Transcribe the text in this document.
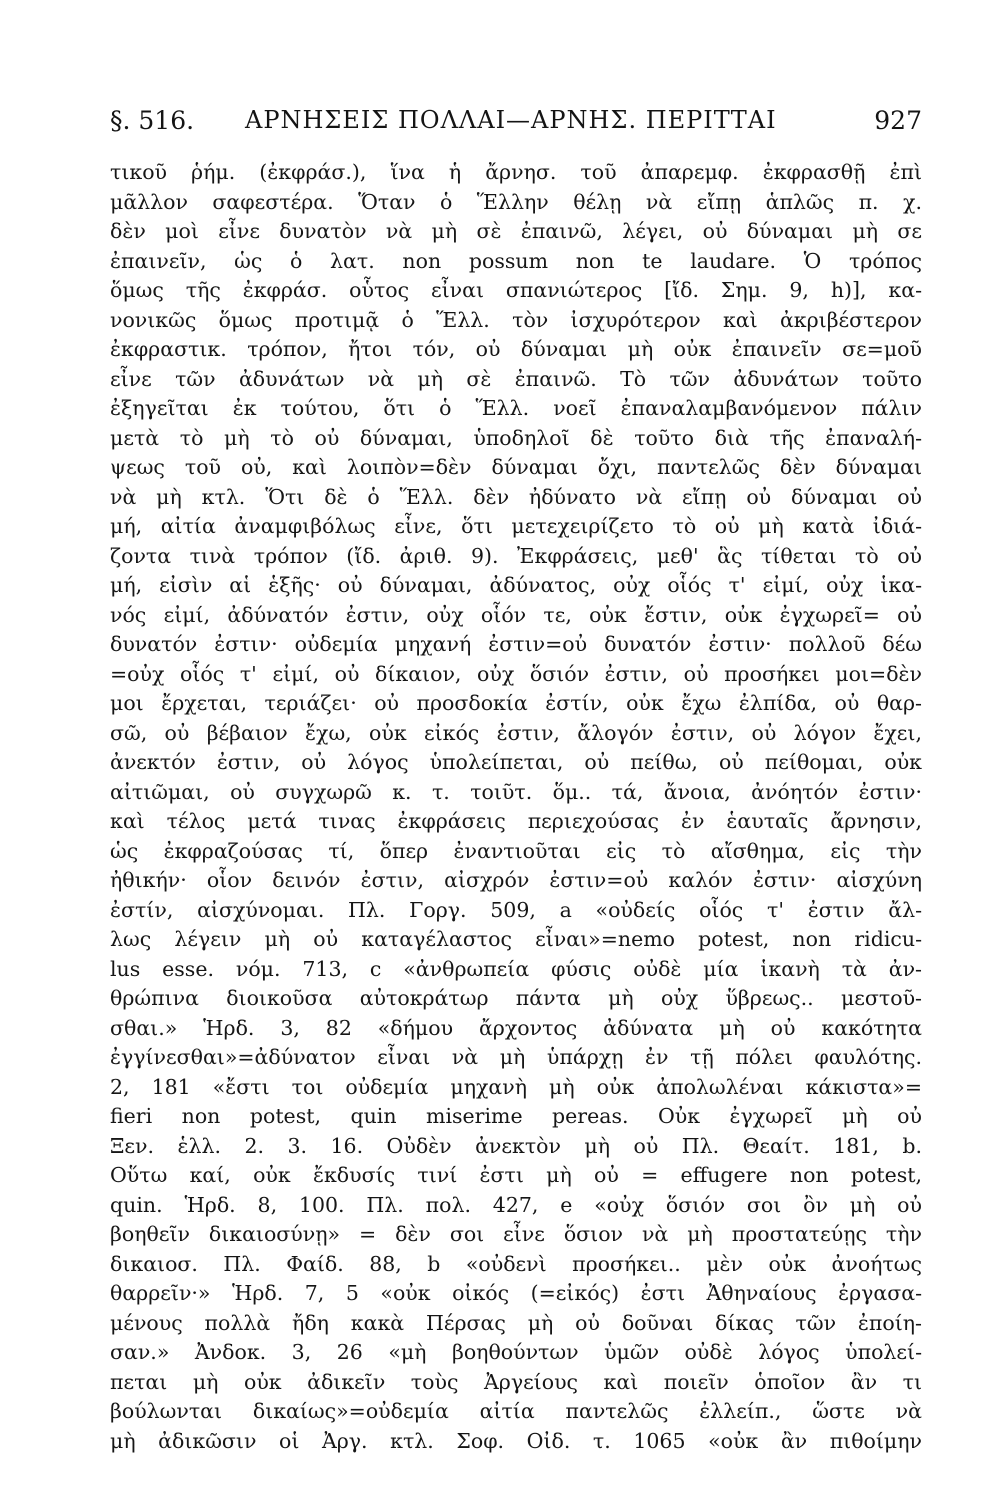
§. 516. ΑΡΝΗΣΕΙΣ ΠΟΛΛΑΙ—ΑΡΝΗΣ. ΠΕΡΙΤΤΑΙ	927
τικοῦ ῥήμ. (ἐκφράσ.), ἵνα ἡ ἄρνησ. τοῦ ἀπαρεμφ. ἐκφρασθῇ ἐπὶ
μᾶλλον σαφεστέρα. Ὅταν ὁ Ἕλλην θέλῃ νὰ εἴπῃ ἁπλῶς π. χ.
δὲν μοὶ εἶνε δυνατὸν νὰ μὴ σὲ ἐπαινῶ, λέγει, οὐ δύναμαι μὴ σε
ἐπαινεῖν, ὡς ὁ λατ. non possum non te laudare. Ὁ τρόπος
ὅμως τῆς ἐκφράσ. οὗτος εἶναι σπανιώτερος [ἴδ. Σημ. 9, h)], κα-
νονικῶς ὅμως προτιμᾷ ὁ Ἕλλ. τὸν ἰσχυρότερον καὶ ἀκριβέστερον
ἐκφραστικ. τρόπον, ἤτοι τόν, οὐ δύναμαι μὴ οὐκ ἐπαινεῖν σε=μοῦ
εἶνε τῶν ἀδυνάτων νὰ μὴ σὲ ἐπαινῶ. Τὸ τῶν ἀδυνάτων τοῦτο
ἐξηγεῖται ἐκ τούτου, ὅτι ὁ Ἕλλ. νοεῖ ἐπαναλαμβανόμενον πάλιν
μετὰ τὸ μὴ τὸ οὐ δύναμαι, ὑποδηλοῖ δὲ τοῦτο διὰ τῆς ἐπαναλή-
ψεως τοῦ οὐ, καὶ λοιπὸν=δὲν δύναμαι ὄχι, παντελῶς δὲν δύναμαι
νὰ μὴ κτλ. Ὅτι δὲ ὁ Ἕλλ. δὲν ἠδύνατο νὰ εἴπῃ οὐ δύναμαι οὐ
μή, αἰτία ἀναμφιβόλως εἶνε, ὅτι μετεχειρίζετο τὸ οὐ μὴ κατὰ ἰδιά-
ζοντα τινὰ τρόπον (ἴδ. ἀριθ. 9). Ἐκφράσεις, μεθ' ἃς τίθεται τὸ οὐ
μή, εἰσὶν αἱ ἑξῆς· οὐ δύναμαι, ἀδύνατος, οὐχ οἷός τ' εἰμί, οὐχ ἱκα-
νός εἰμί, ἀδύνατόν ἐστιν, οὐχ οἷόν τε, οὐκ ἔστιν, οὐκ ἐγχωρεῖ= οὐ
δυνατόν ἐστιν· οὐδεμία μηχανή ἐστιν=οὐ δυνατόν ἐστιν· πολλοῦ δέω
=οὐχ οἷός τ' εἰμί, οὐ δίκαιον, οὐχ ὅσιόν ἐστιν, οὐ προσήκει μοι=δὲν
μοι ἔρχεται, τεριάζει· οὐ προσδοκία ἐστίν, οὐκ ἔχω ἐλπίδα, οὐ θαρ-
σῶ, οὐ βέβαιον ἔχω, οὐκ εἰκός ἐστιν, ἄλογόν ἐστιν, οὐ λόγον ἔχει,
ἀνεκτόν ἐστιν, οὐ λόγος ὑπολείπεται, οὐ πείθω, οὐ πείθομαι, οὐκ
αἰτιῶμαι, οὐ συγχωρῶ κ. τ. τοιῦτ. ὅμ.. τά, ἄνοια, ἀνόητόν ἐστιν·
καὶ τέλος μετά τινας ἐκφράσεις περιεχούσας ἐν ἑαυταῖς ἄρνησιν,
ὡς ἐκφραζούσας τί, ὅπερ ἐναντιοῦται εἰς τὸ αἴσθημα, εἰς τὴν
ἠθικήν· οἷον δεινόν ἐστιν, αἰσχρόν ἐστιν=οὐ καλόν ἐστιν· αἰσχύνη
ἐστίν, αἰσχύνομαι. Πλ. Γοργ. 509, a «οὐδείς οἷός τ' ἐστιν ἄλ-
λως λέγειν μὴ οὐ καταγέλαστος εἶναι»=nemo potest, non ridicu-
lus esse. νόμ. 713, c «ἀνθρωπεία φύσις οὐδὲ μία ἱκανὴ τὰ ἀν-
θρώπινα διοικοῦσα αὐτοκράτωρ πάντα μὴ οὐχ ὕβρεως.. μεστοῦ-
σθαι.» Ἡρδ. 3, 82 «δήμου ἄρχοντος ἀδύνατα μὴ οὐ κακότητα
ἐγγίνεσθαι»=ἀδύνατον εἶναι νὰ μὴ ὑπάρχῃ ἐν τῇ πόλει φαυλότης.
2, 181 «ἔστι τοι οὐδεμία μηχανὴ μὴ οὐκ ἀπολωλέναι κάκιστα»=
fieri non potest, quin miserime pereas. Οὐκ ἐγχωρεῖ μὴ οὐ
Ξεν. ἑλλ. 2. 3. 16. Οὐδὲν ἀνεκτὸν μὴ οὐ Πλ. Θεαίτ. 181, b.
Οὕτω καί, οὐκ ἔκδυσίς τινί ἐστι μὴ οὐ = effugere non potest,
quin. Ἡρδ. 8, 100. Πλ. πολ. 427, e «οὐχ ὅσιόν σοι ὂν μὴ οὐ
βοηθεῖν δικαιοσύνῃ» = δὲν σοι εἶνε ὅσιον νὰ μὴ προστατεύῃς τὴν
δικαιοσ. Πλ. Φαίδ. 88, b «οὐδενὶ προσήκει.. μὲν οὐκ ἀνοήτως
θαρρεῖν·» Ἡρδ. 7, 5 «οὐκ οἰκός (=εἰκός) ἐστι Ἀθηναίους ἐργασα-
μένους πολλὰ ἤδη κακὰ Πέρσας μὴ οὐ δοῦναι δίκας τῶν ἐποίη-
σαν.» Ἀνδοκ. 3, 26 «μὴ βοηθούντων ὑμῶν οὐδὲ λόγος ὑπολεί-
πεται μὴ οὐκ ἀδικεῖν τοὺς Ἀργείους καὶ ποιεῖν ὁποῖον ἂν τι
βούλωνται δικαίως»=οὐδεμία αἰτία παντελῶς ἐλλείπ., ὥστε νὰ
μὴ ἀδικῶσιν οἱ Ἀργ. κτλ. Σοφ. Οἰδ. τ. 1065 «οὐκ ἂν πιθοίμην
